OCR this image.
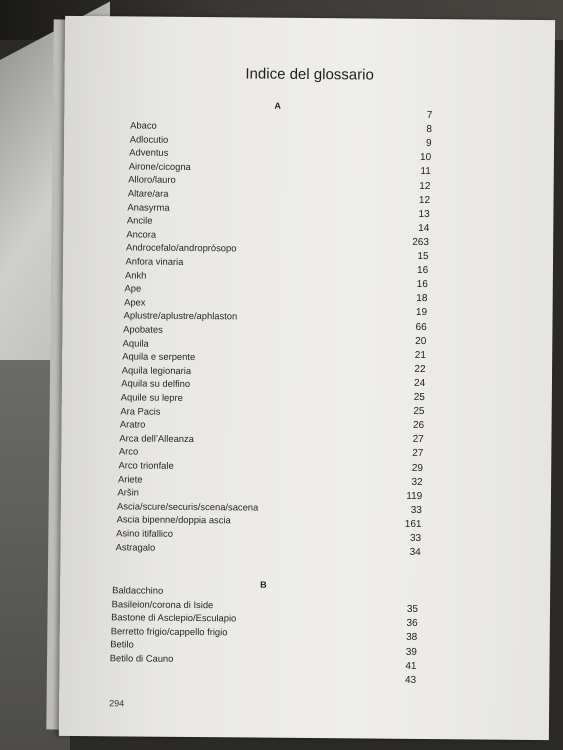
Indice del glossario
A
Abaco
Adlocutio
Adventus
Airone/cicogna
Alloro/lauro
Altare/ara
Anasyrma
Ancile
Ancora
Androcefalo/androprósopo
Anfora vinaria
Ankh
Ape
Apex
Aplustre/aplustre/aphlaston
Apobates
Aquila
Aquila e serpente
Aquila legionaria
Aquila su delfino
Aquile su lepre
Ara Pacis
Aratro
Arca dell’Alleanza
Arco
Arco trionfale
Ariete
Aršin
Ascia/scure/securis/scena/sacena
Ascia bipenne/doppia ascia
Asino itifallico
Astragalo
7
8
9
10
11
12
12
13
14
263
15
16
16
18
19
66
20
21
22
24
25
25
26
27
27
29
32
119
33
161
33
34
B
Baldacchino
Basileion/corona di Iside
Bastone di Asclepio/Esculapio
Berretto frigio/cappello frigio
Betilo
Betilo di Cauno
35
36
38
39
41
43
294
